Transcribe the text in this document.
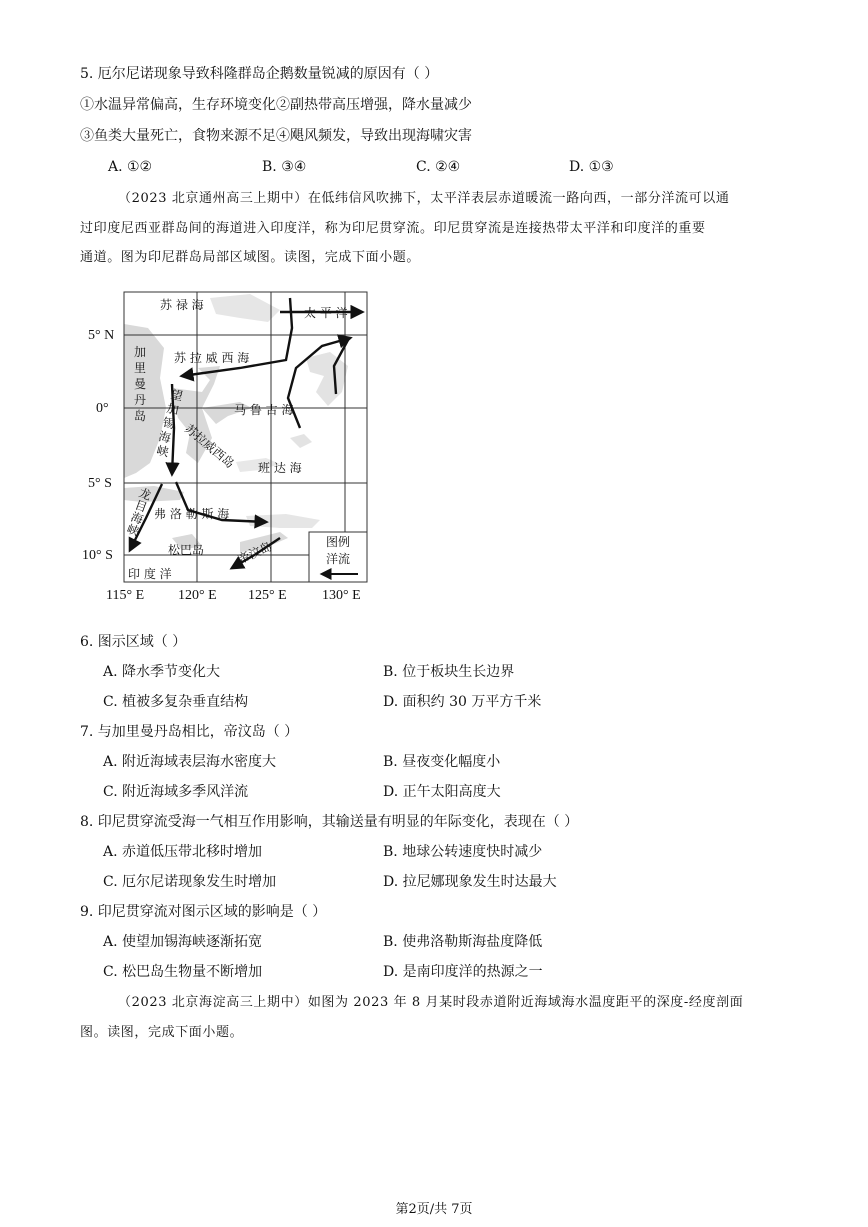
5. 厄尔尼诺现象导致科隆群岛企鹅数量锐减的原因有（ ）
①水温异常偏高，生存环境变化②副热带高压增强，降水量减少
③鱼类大量死亡，食物来源不足④飓风频发，导致出现海啸灾害
A. ①②	B. ③④	C. ②④	D. ①③
（2023 北京通州高三上期中）在低纬信风吹拂下，太平洋表层赤道暖流一路向西，一部分洋流可以通
过印度尼西亚群岛间的海道进入印度洋，称为印尼贯穿流。印尼贯穿流是连接热带太平洋和印度洋的重要
通道。图为印尼群岛局部区域图。读图，完成下面小题。
苏 禄 海
太 平 洋
苏 拉 威 西 海
加
里
曼
丹
岛
望
加
锡
海
峡 苏拉威西岛
马 鲁 古 海
班 达 海
龙
目
海
峡
弗 洛 勒 斯 海
松巴岛	帝汶岛
印 度 洋
图例
洋流
5° N
0°
5° S
10° S
115° E 120° E 125° E	130° E
6. 图示区域（ ）
A. 降水季节变化大	B. 位于板块生长边界
C. 植被多复杂垂直结构	D. 面积约 30 万平方千米
7. 与加里曼丹岛相比，帝汶岛（ ）
A. 附近海域表层海水密度大	B. 昼夜变化幅度小
C. 附近海域多季风洋流	D. 正午太阳高度大
8. 印尼贯穿流受海一气相互作用影响，其输送量有明显的年际变化，表现在（ ）
A. 赤道低压带北移时增加	B. 地球公转速度快时减少
C. 厄尔尼诺现象发生时增加	D. 拉尼娜现象发生时达最大
9. 印尼贯穿流对图示区域的影响是（ ）
A. 使望加锡海峡逐渐拓宽	B. 使弗洛勒斯海盐度降低
C. 松巴岛生物量不断增加	D. 是南印度洋的热源之一
（2023 北京海淀高三上期中）如图为 2023 年 8 月某时段赤道附近海域海水温度距平的深度-经度剖面
图。读图，完成下面小题。
第2页/共 7页
